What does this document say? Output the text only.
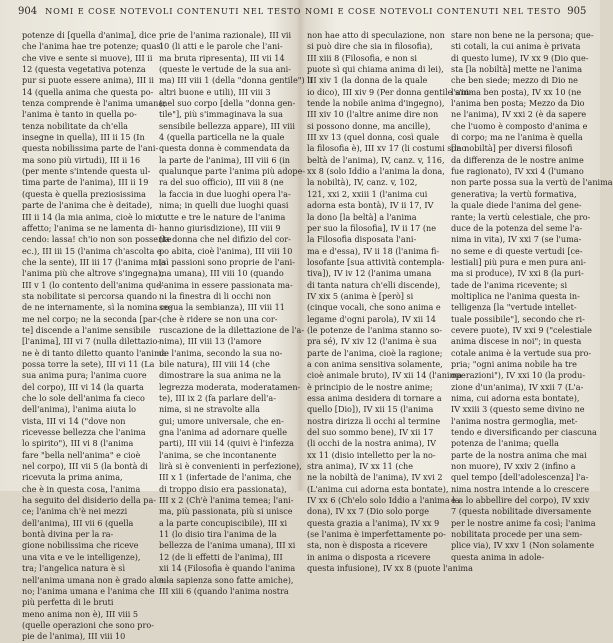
904 NOMI E COSE NOTEVOLI CONTENUTI NEL TESTO
potenze di [quella d'anima], dice
che l'anima hae tre potenze; quasi
che vive e sente si muove), III ii
12 (questa vegetativa potenza
pur si puote essere anima), III ii
14 (quella anima che questa po-
tenza comprende è l'anima umana;
l'anima è tanto in quella po-
tenza nobilitate da ch'ella
insegne in quella), III ii 15 (In
questa nobilissima parte de l'ani-
ma sono più virtudi), III ii 16
(per mente s'intende questa ul-
tima parte de l'anima), III ii 19
(questa è quella preziosissima
parte de l'anima che è deitade),
III ii 14 (la mia anima, cioè lo mio
affetto; l'anima se ne lamenta di-
cendo: lassa! ch'io non son possente
ec.), III iii 15 (l'anima ch'ascolta e
che la sente), III iii 17 (l'anima mia
l'anima più che altrove s'ingegna),
III v 1 (lo contento dell'anima que-
sta nobilitate si percorsa quando
de ne internamente, sì la nomina co-
me nel corpo; ne la seconda [par-
te] discende a l'anime sensibile
[l'anima], III vi 7 (nulla dilettazio-
ne è di tanto diletto quanto l'anima
possa torre la sete), III vi 11 (La
sua anima pura; l'anima cuore
del corpo), III vi 14 (la quarta
che lo sole dell'anima fa cieco
dell'anima), l'anima aiuta lo
vista, III vi 14 ("dove non
ricevesse bellezza che l'anima
lo spirito"), III vi 8 (l'anima
fare "bella nell'anima" e cioè
nel corpo), III vii 5 (la bontà di
ricevuta la prima anima,
che è in questa cosa, l'anima
ha seguito del disiderio della pa-
ce; l'anima ch'è nei mezzi
dell'anima), III vii 6 (quella
bontà divina per la ra-
gione nobilissima che riceve
una vita e ve le intelligenze),
tra; l'angelica natura è sì
nell'anima umana non è grado alcu-
no; l'anima umana e l'anima che
più perfetta di le bruti
meno anima non è), III viii 5
(quelle operazioni che sono pro-
pie de l'anima), III viii 10
prie de l'anima razionale), III vii
10 (li atti e le parole che l'ani-
ma bruta ripresenta), III vii 14
(queste le vertude de la sua ani-
ma) III viii 1 (della "donna gentile") li
altri buone e utili), III viii 3
(nel suo corpo [della "donna gen-
tile"], più s'immaginava la sua
sensibile bellezza appare), III viii
4 (quella particella ne la quale
questa donna è commendata da
la parte de l'anima), III viii 6 (in
qualunque parte l'anima più adope-
ra del suo officio), III viii 8 (ne
la faccia in due luoghi opera l'a-
nima; in quelli due luoghi quasi
tutte e tre le nature de l'anima
hanno giurisdizione), III viii 9
(la donna che nel difizio del cor-
po abita, cioè l'anima), III viii 10
(sì passioni sono proprie de l'ani-
ma umana), III viii 10 (quando
l'anima in essere passionata ma-
ni la finestra di li occhi non
segua la sembianza), III viii 11
(che è ridere se non una cor-
ruscazione de la dilettazione de l'a-
nima), III viii 13 (l'amore
de l'anima, secondo la sua no-
bile natura), III viii 14 (che
dimostrare la sua anima ne la
legrezza moderata, moderatamen-
te), III ix 2 (fa parlare dell'a-
nima, si ne stravolte alla
gui; umore universale, che en-
gna l'anima ad adornare quelle
parti), III viii 14 (quivi è l'infezza
l'anima, se che incontanente
lirà si è convenienti in perfezione),
III x 1 (infertade de l'anima, che
di troppo disio era passionata),
III x 2 (Ch'è l'anima temea; l'ani-
ma, più passionata, più si unisce
a la parte concupiscibile), III xi
11 (lo disio tira l'anima de la
bellezza de l'anima umana), III xi
12 (de li effetti de l'anima), III
xii 14 (Filosofia è quando l'anima
e la sapienza sono fatte amiche),
III xiii 6 (quando l'anima nostra
NOMI E COSE NOTEVOLI CONTENUTI NEL TESTO 905
non hae atto di speculazione, non
si può dire che sia in filosofia),
III xiii 8 (Filosofia, e non si
puote sì qui chiama anima di lei),
III xiv 1 (la donna de la quale
io dico), III xiv 9 (Per donna gentile s'in-
tende la nobile anima d'ingegno),
III xiv 10 (l'altre anime dire non
si possono donne, ma ancille),
III xv 13 (quel donna, così quale
la filosofia è), III xv 17 (li costumi sono
beltà de l'anima), IV, canz. v, 116,
xx 8 (solo Iddio a l'anima la dona,
la nobiltà), IV, canz. v, 102,
121, xxi 2, xxiii 1 (l'anima cui
adorna esta bontà), IV ii 17, IV
la dono [la beltà] a l'anima
per suo la filosofia], IV ii 17 (ne
la Filosofia disposata l'ani-
ma e d'essa), IV ii 18 (l'anima fi-
losofante [sua attività contempla-
tiva]), IV iv 12 (l'anima umana
di tanta natura ch'elli discende),
IV xix 5 (anima è [però] si
(cinque vocali, che sono anima e
legame d'ogni parola), IV xii 14
(le potenze de l'anima stanno so-
pra sé), IV xiv 12 (l'anima è sua
parte de l'anima, cioè la ragione;
a con anima sensitiva solamente,
cioè animale bruto), IV xii 14 (l'anima
è principio de le nostre anime;
essa anima desidera di tornare a
quello [Dio]), IV xii 15 (l'anima
nostra dirizza lì occhi al termine
del suo sommo bene), IV xii 17
(li occhi de la nostra anima), IV
xx 11 (disio intelletto per la no-
stra anima), IV xx 11 (che
ne la nobiltà de l'anima), IV xvi 2
(L'anima cui adorna esta bontate),
IV xx 6 (Ch'elo solo Iddio a l'anima la
dona), IV xx 7 (Dio solo porge
questa grazia a l'anima), IV xx 9
(se l'anima è imperfettamente po-
sta, non è disposta a ricevere
in anima o disposta a ricevere
questa infusione), IV xx 8 (puote l'anima
stare non bene ne la persona; que-
sti cotali, la cui anima è privata
di questo lume), IV xx 9 (Dio que-
sta [la nobiltà] mette ne l'anima
che ben siede; mezzo di Dio ne
l'anima ben posta), IV xx 10 (ne
l'anima ben posta; Mezzo da Dio
ne l'anima), IV xxi 2 (è da sapere
che l'uomo è composto d'anima e
di corpo; ma ne l'anima è quella
[la nobiltà] per diversi filosofi
da differenza de le nostre anime
fue ragionato), IV xxi 4 (l'umano
non parte possa sua la vertù de l'anima
generativa; la vertù formativa,
la quale diede l'anima del gene-
rante; la vertù celestiale, che pro-
duce de la potenza del seme l'a-
nima in vita), IV xxi 7 (se l'uma-
no seme e di queste vertudi [ce-
lestiali] più pura e men pura ani-
ma si produce), IV xxi 8 (la puri-
tade de l'anima ricevente; si
moltiplica ne l'anima questa in-
telligenza [la "vertude intellet-
tuale possibile"], secondo che ri-
cevere puote), IV xxi 9 ("celestiale
anima discese in noi"; in questa
cotale anima è la vertude sua pro-
pria; "ogni anima nobile ha tre
operazioni"), IV xxi 10 (la produ-
zione d'un'anima), IV xxii 7 (L'a-
nima, cui adorna esta bontate),
IV xxiii 3 (questo seme divino ne
l'anima nostra germoglia, met-
tendo e diversificando per ciascuna
potenza de l'anima; quella
parte de la nostra anima che mai
non muore), IV xxiv 2 (infino a
quel tempo [dell'adolescenza] l'a-
nima nostra intende a lo crescere
e a lo abbellire del corpo), IV xxiv
7 (questa nobilitade diversamente
per le nostre anime fa così; l'anima
nobilitata procede per una sem-
plice via), IV xxv 1 (Non solamente
questa anima in adole-
